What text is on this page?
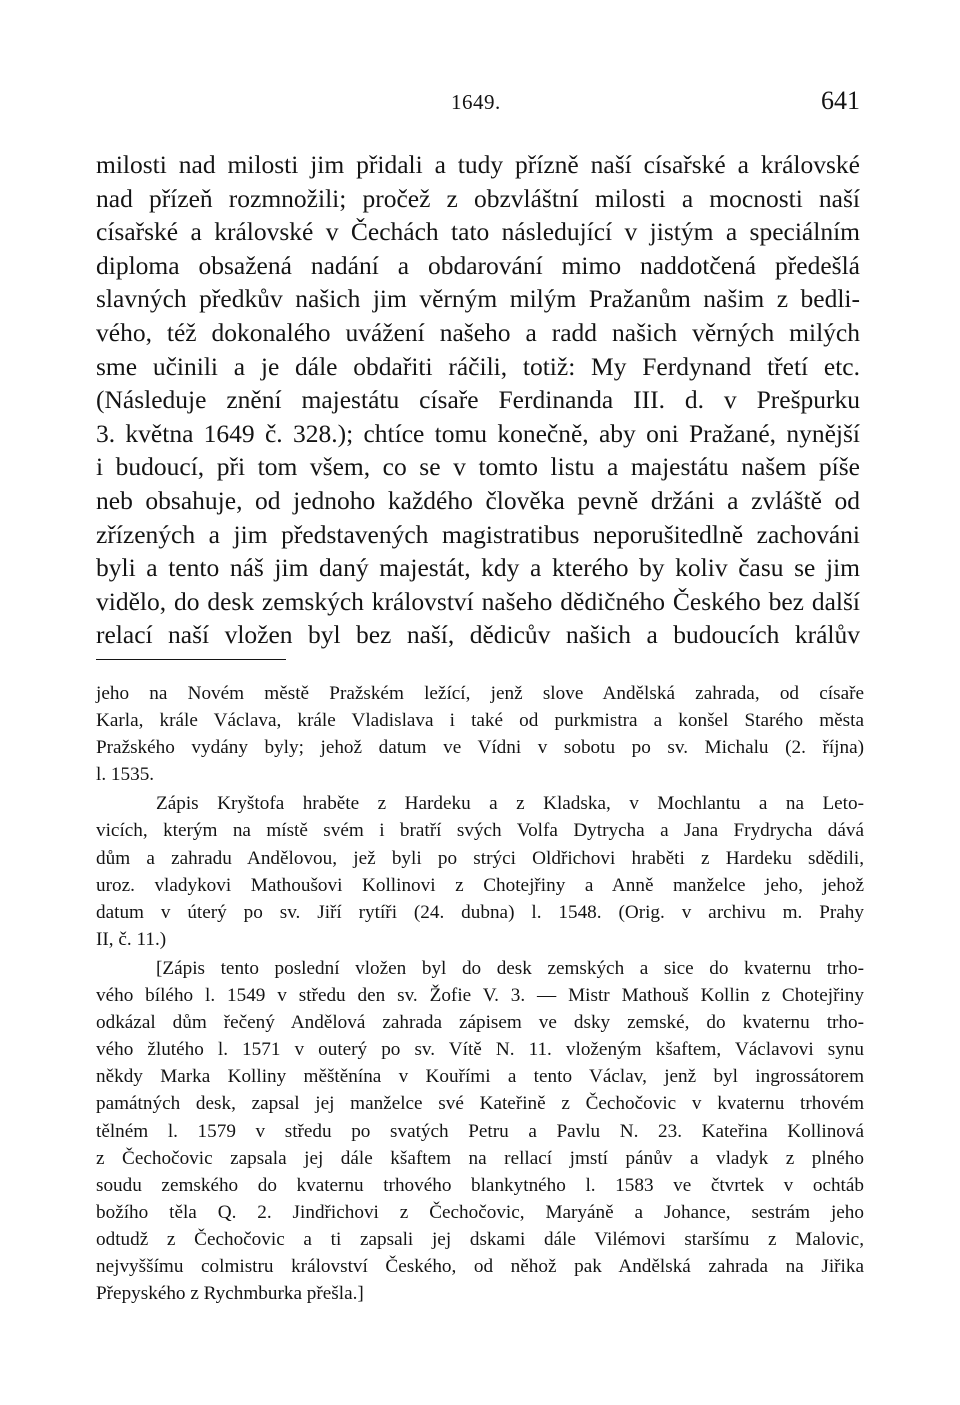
1649.	641
milosti nad milosti jim přidali a tudy přízně naší císařské a královské
nad přízeň rozmnožili; pročež z obzvláštní milosti a mocnosti naší
císařské a královské v Čechách tato následující v jistým a speciálním
diploma obsažená nadání a obdarování mimo naddotčená předešlá
slavných předkův našich jim věrným milým Pražanům našim z bedli-
vého, též dokonalého uvážení našeho a radd našich věrných milých
sme učinili a je dále obdařiti ráčili, totiž: My Ferdynand třetí etc.
(Následuje znění majestátu císaře Ferdinanda III. d. v Prešpurku
3. května 1649 č. 328.); chtíce tomu konečně, aby oni Pražané, nynější
i budoucí, při tom všem, co se v tomto listu a majestátu našem píše
neb obsahuje, od jednoho každého člověka pevně držáni a zvláště od
zřízených a jim představených magistratibus neporušitedlně zachováni
byli a tento náš jim daný majestát, kdy a kterého by koliv času se jim
vidělo, do desk zemských království našeho dědičného Českého bez další
relací naší vložen byl bez naší, dědicův našich a budoucích králův
jeho na Novém městě Pražském ležící, jenž slove Andělská zahrada, od císaře
Karla, krále Václava, krále Vladislava i také od purkmistra a konšel Starého města
Pražského vydány byly; jehož datum ve Vídni v sobotu po sv. Michalu (2. října)
l. 1535.
Zápis Kryštofa hraběte z Hardeku a z Kladska, v Mochlantu a na Leto-
vicích, kterým na místě svém i bratří svých Volfa Dytrycha a Jana Frydrycha dává
dům a zahradu Andělovou, jež byli po strýci Oldřichovi hraběti z Hardeku sdědili,
uroz. vladykovi Mathoušovi Kollinovi z Chotejřiny a Anně manželce jeho, jehož
datum v úterý po sv. Jiří rytíři (24. dubna) l. 1548. (Orig. v archivu m. Prahy
II, č. 11.)
[Zápis tento poslední vložen byl do desk zemských a sice do kvaternu trho-
vého bílého l. 1549 v středu den sv. Žofie V. 3. — Mistr Mathouš Kollin z Chotejřiny
odkázal dům řečený Andělová zahrada zápisem ve dsky zemské, do kvaternu trho-
vého žlutého l. 1571 v outerý po sv. Vítě N. 11. vloženým kšaftem, Václavovi synu
někdy Marka Kolliny měštěnína v Kouřími a tento Václav, jenž byl ingrossátorem
památných desk, zapsal jej manželce své Kateřině z Čechočovic v kvaternu trhovém
tělném l. 1579 v středu po svatých Petru a Pavlu N. 23. Kateřina Kollinová
z Čechočovic zapsala jej dále kšaftem na rellací jmstí pánův a vladyk z plného
soudu zemského do kvaternu trhového blankytného l. 1583 ve čtvrtek v ochtáb
božího těla Q. 2. Jindřichovi z Čechočovic, Maryáně a Johance, sestrám jeho
odtudž z Čechočovic a ti zapsali jej dskami dále Vilémovi staršímu z Malovic,
nejvyššímu colmistru království Českého, od něhož pak Andělská zahrada na Jiřika
Přepyského z Rychmburka přešla.]
